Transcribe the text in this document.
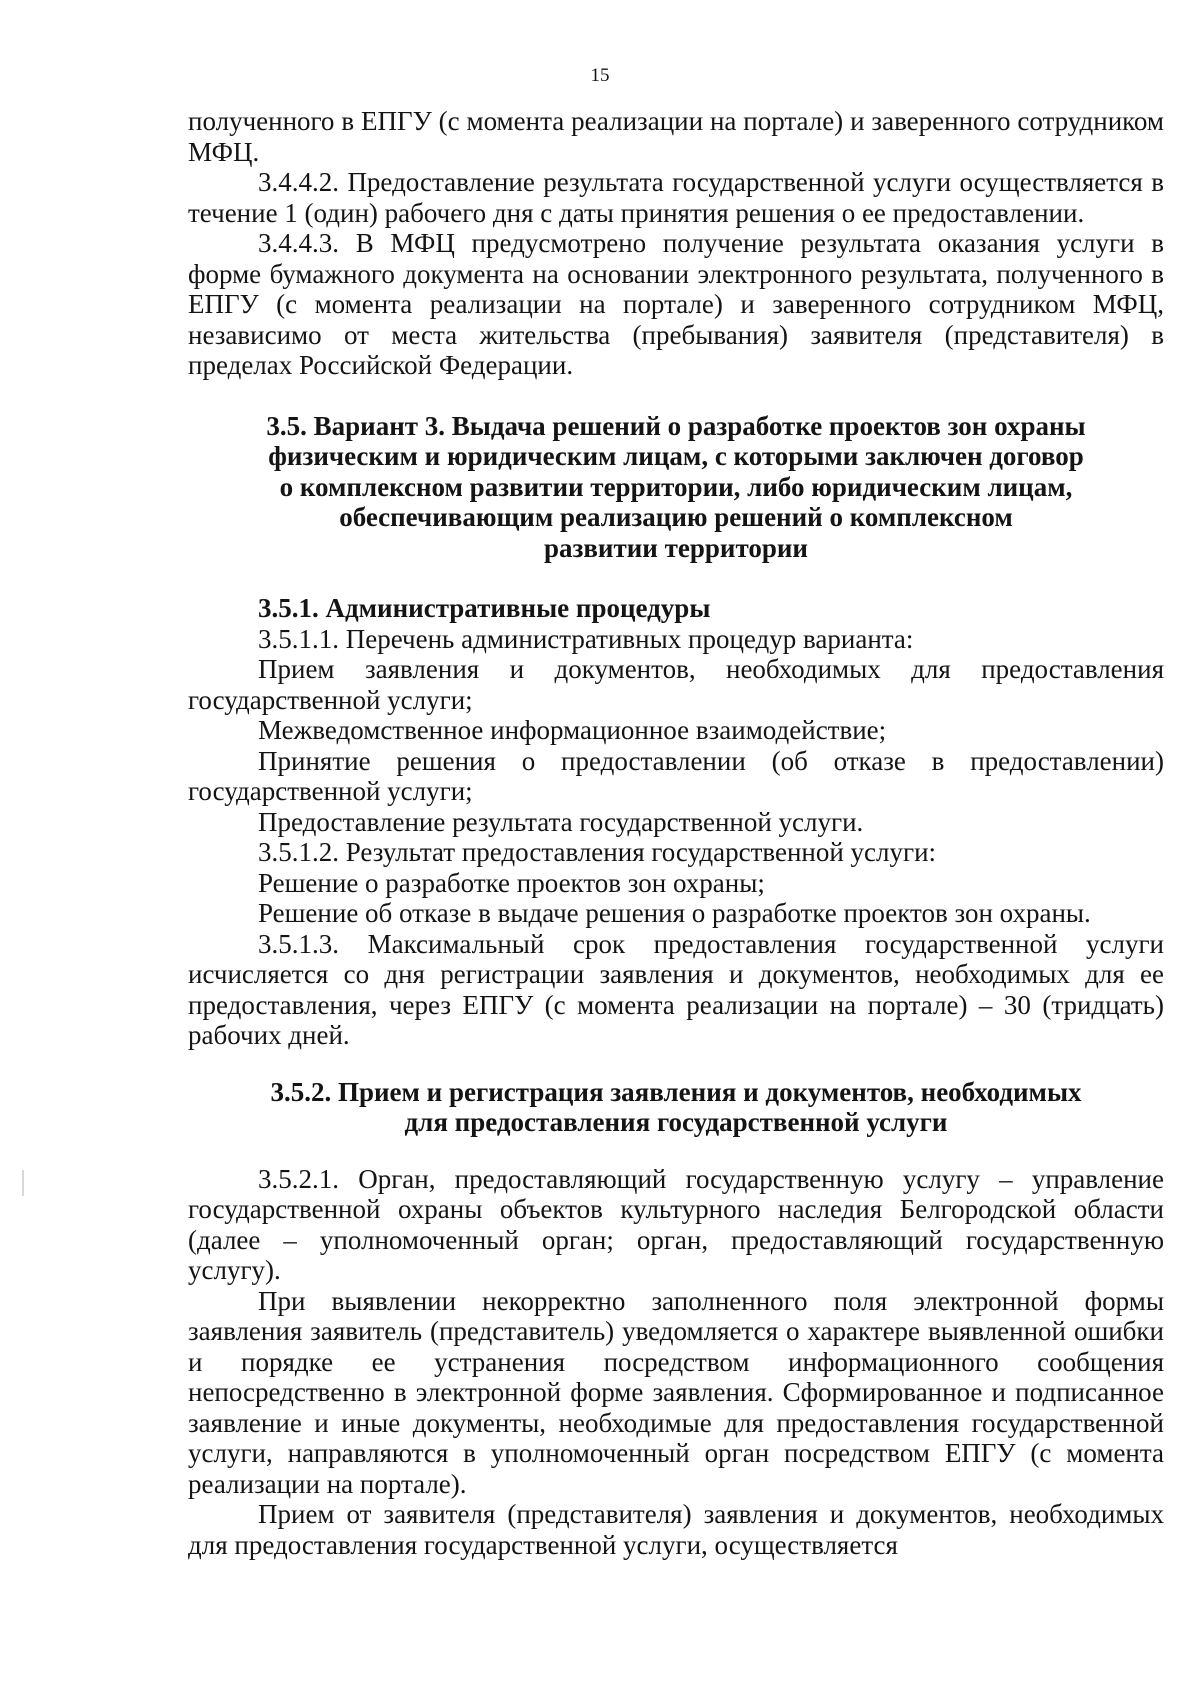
15

полученного в ЕПГУ (с момента реализации на портале) и заверенного сотрудником МФЦ.

3.4.4.2. Предоставление результата государственной услуги осуществляется в течение 1 (один) рабочего дня с даты принятия решения о ее предоставлении.

3.4.4.3. В МФЦ предусмотрено получение результата оказания услуги в форме бумажного документа на основании электронного результата, полученного в ЕПГУ (с момента реализации на портале) и заверенного сотрудником МФЦ, независимо от места жительства (пребывания) заявителя (представителя) в пределах Российской Федерации.

3.5. Вариант 3. Выдача решений о разработке проектов зон охраны
физическим и юридическим лицам, с которыми заключен договор
о комплексном развитии территории, либо юридическим лицам,
обеспечивающим реализацию решений о комплексном
развитии территории
3.5.1. Административные процедуры

3.5.1.1. Перечень административных процедур варианта:

Прием заявления и документов, необходимых для предоставления государственной услуги;

Межведомственное информационное взаимодействие;

Принятие решения о предоставлении (об отказе в предоставлении) государственной услуги;

Предоставление результата государственной услуги.

3.5.1.2. Результат предоставления государственной услуги:

Решение о разработке проектов зон охраны;

Решение об отказе в выдаче решения о разработке проектов зон охраны.

3.5.1.3. Максимальный срок предоставления государственной услуги исчисляется со дня регистрации заявления и документов, необходимых для ее предоставления, через ЕПГУ (с момента реализации на портале) – 30 (тридцать) рабочих дней.

3.5.2. Прием и регистрация заявления и документов, необходимых
для предоставления государственной услуги

3.5.2.1. Орган, предоставляющий государственную услугу – управление государственной охраны объектов культурного наследия Белгородской области (далее – уполномоченный орган; орган, предоставляющий государственную услугу).

При выявлении некорректно заполненного поля электронной формы заявления заявитель (представитель) уведомляется о характере выявленной ошибки и порядке ее устранения посредством информационного сообщения непосредственно в электронной форме заявления. Сформированное и подписанное заявление и иные документы, необходимые для предоставления государственной услуги, направляются в уполномоченный орган посредством ЕПГУ (с момента реализации на портале).

Прием от заявителя (представителя) заявления и документов, необходимых для предоставления государственной услуги, осуществляется
